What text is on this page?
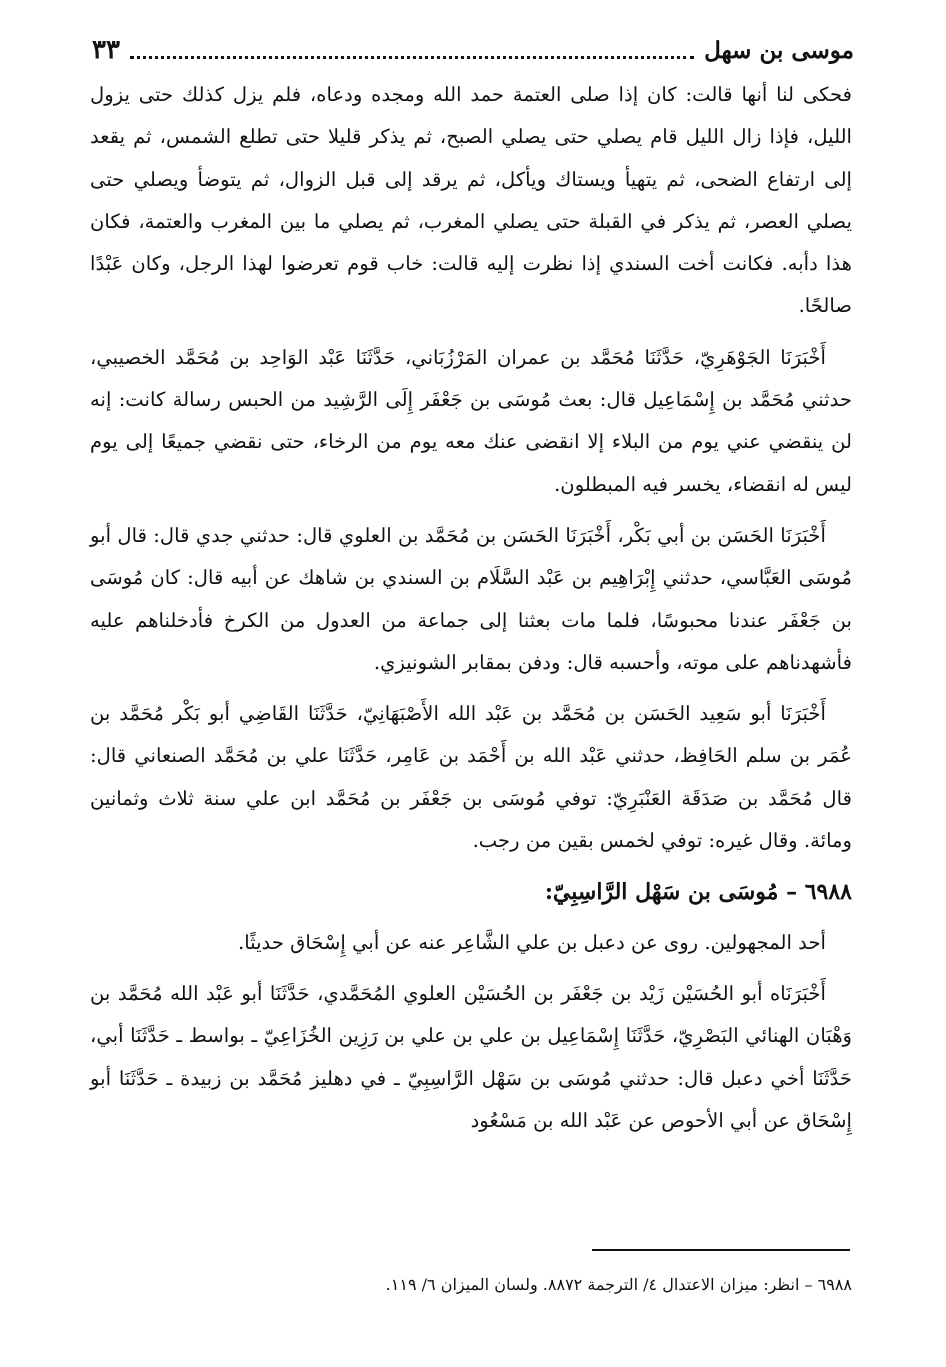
موسى بن سهل
٣٣

فحكى لنا أنها قالت: كان إذا صلى العتمة حمد الله ومجده ودعاه، فلم يزل كذلك حتى يزول الليل، فإذا زال الليل قام يصلي حتى يصلي الصبح، ثم يذكر قليلا حتى تطلع الشمس، ثم يقعد إلى ارتفاع الضحى، ثم يتهيأ ويستاك ويأكل، ثم يرقد إلى قبل الزوال، ثم يتوضأ ويصلي حتى يصلي العصر، ثم يذكر في القبلة حتى يصلي المغرب، ثم يصلي ما بين المغرب والعتمة، فكان هذا دأبه. فكانت أخت السندي إذا نظرت إليه قالت: خاب قوم تعرضوا لهذا الرجل، وكان عَبْدًا صالحًا.

أَخْبَرَنَا الجَوْهَرِيّ، حَدَّثَنَا مُحَمَّد بن عمران المَرْزُبَاني، حَدَّثَنَا عَبْد الوَاحِد بن مُحَمَّد الخصيبي، حدثني مُحَمَّد بن إِسْمَاعِيل قال: بعث مُوسَى بن جَعْفَر إِلَى الرَّشِيد من الحبس رسالة كانت: إنه لن ينقضي عني يوم من البلاء إلا انقضى عنك معه يوم من الرخاء، حتى نقضي جميعًا إلى يوم ليس له انقضاء، يخسر فيه المبطلون.

أَخْبَرَنَا الحَسَن بن أبي بَكْر، أَخْبَرَنَا الحَسَن بن مُحَمَّد بن العلوي قال: حدثني جدي قال: قال أبو مُوسَى العَبَّاسي، حدثني إِبْرَاهِيم بن عَبْد السَّلَام بن السندي بن شاهك عن أبيه قال: كان مُوسَى بن جَعْفَر عندنا محبوسًا، فلما مات بعثنا إلى جماعة من العدول من الكرخ فأدخلناهم عليه فأشهدناهم على موته، وأحسبه قال: ودفن بمقابر الشونيزي.

أَخْبَرَنَا أبو سَعِيد الحَسَن بن مُحَمَّد بن عَبْد الله الأَصْبَهَانِيّ، حَدَّثَنَا القَاضِي أبو بَكْر مُحَمَّد بن عُمَر بن سلم الحَافِظ، حدثني عَبْد الله بن أَحْمَد بن عَامِر، حَدَّثَنَا علي بن مُحَمَّد الصنعاني قال: قال مُحَمَّد بن صَدَقَة العَنْبَرِيّ: توفي مُوسَى بن جَعْفَر بن مُحَمَّد ابن علي سنة ثلاث وثمانين ومائة. وقال غيره: توفي لخمس بقين من رجب.

٦٩٨٨ – مُوسَى بن سَهْل الرَّاسِبِيّ:

أحد المجهولين. روى عن دعبل بن علي الشَّاعِر عنه عن أبي إِسْحَاق حديثًا.

أَخْبَرَنَاه أبو الحُسَيْن زَيْد بن جَعْفَر بن الحُسَيْن العلوي المُحَمَّدي، حَدَّثَنَا أبو عَبْد الله مُحَمَّد بن وَهْبَان الهنائي البَصْرِيّ، حَدَّثَنَا إِسْمَاعِيل بن علي بن علي بن رَزِين الخُزَاعِيّ ـ بواسط ـ حَدَّثَنَا أبي، حَدَّثَنَا أخي دعبل قال: حدثني مُوسَى بن سَهْل الرَّاسِبِيّ ـ في دهليز مُحَمَّد بن زبيدة ـ حَدَّثَنَا أبو إِسْحَاق عن أبي الأحوص عن عَبْد الله بن مَسْعُود

٦٩٨٨ – انظر: ميزان الاعتدال ٤/ الترجمة ٨٨٧٢. ولسان الميزان ٦/ ١١٩.
